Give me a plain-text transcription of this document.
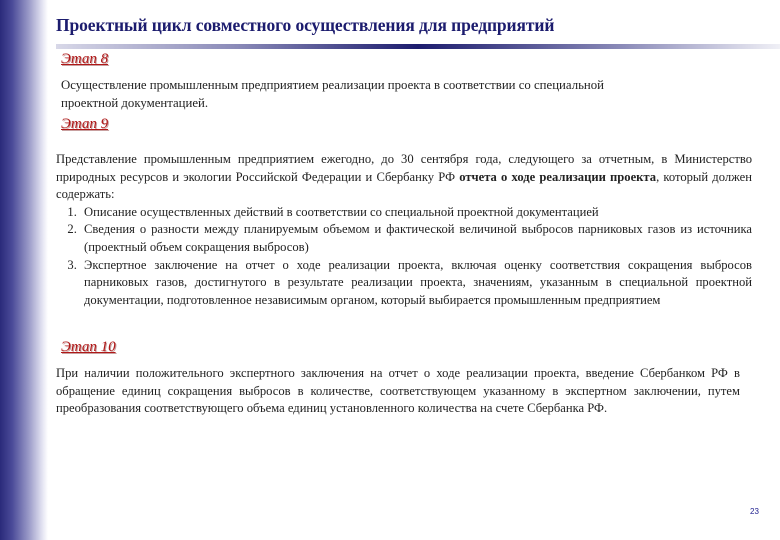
Проектный цикл совместного осуществления для предприятий
Этап 8
Осуществление промышленным предприятием реализации проекта в соответствии со специальной проектной документацией.
Этап 9
Представление промышленным предприятием ежегодно, до 30 сентября года, следующего за отчетным, в Министерство природных ресурсов и экологии Российской Федерации и Сбербанку РФ отчета о ходе реализации проекта, который должен содержать:
1. Описание осуществленных действий в соответствии со специальной проектной документацией
2. Сведения о разности между планируемым объемом и фактической величиной выбросов парниковых газов из источника (проектный объем сокращения выбросов)
3. Экспертное заключение на отчет о ходе реализации проекта, включая оценку соответствия сокращения выбросов парниковых газов, достигнутого в результате реализации проекта, значениям, указанным в специальной проектной документации, подготовленное независимым органом, который выбирается промышленным предприятием
Этап 10
При наличии положительного экспертного заключения на отчет о ходе реализации проекта, введение Сбербанком РФ в обращение единиц сокращения выбросов в количестве, соответствующем указанному в экспертном заключении, путем преобразования соответствующего объема единиц установленного количества на счете Сбербанка РФ.
23
